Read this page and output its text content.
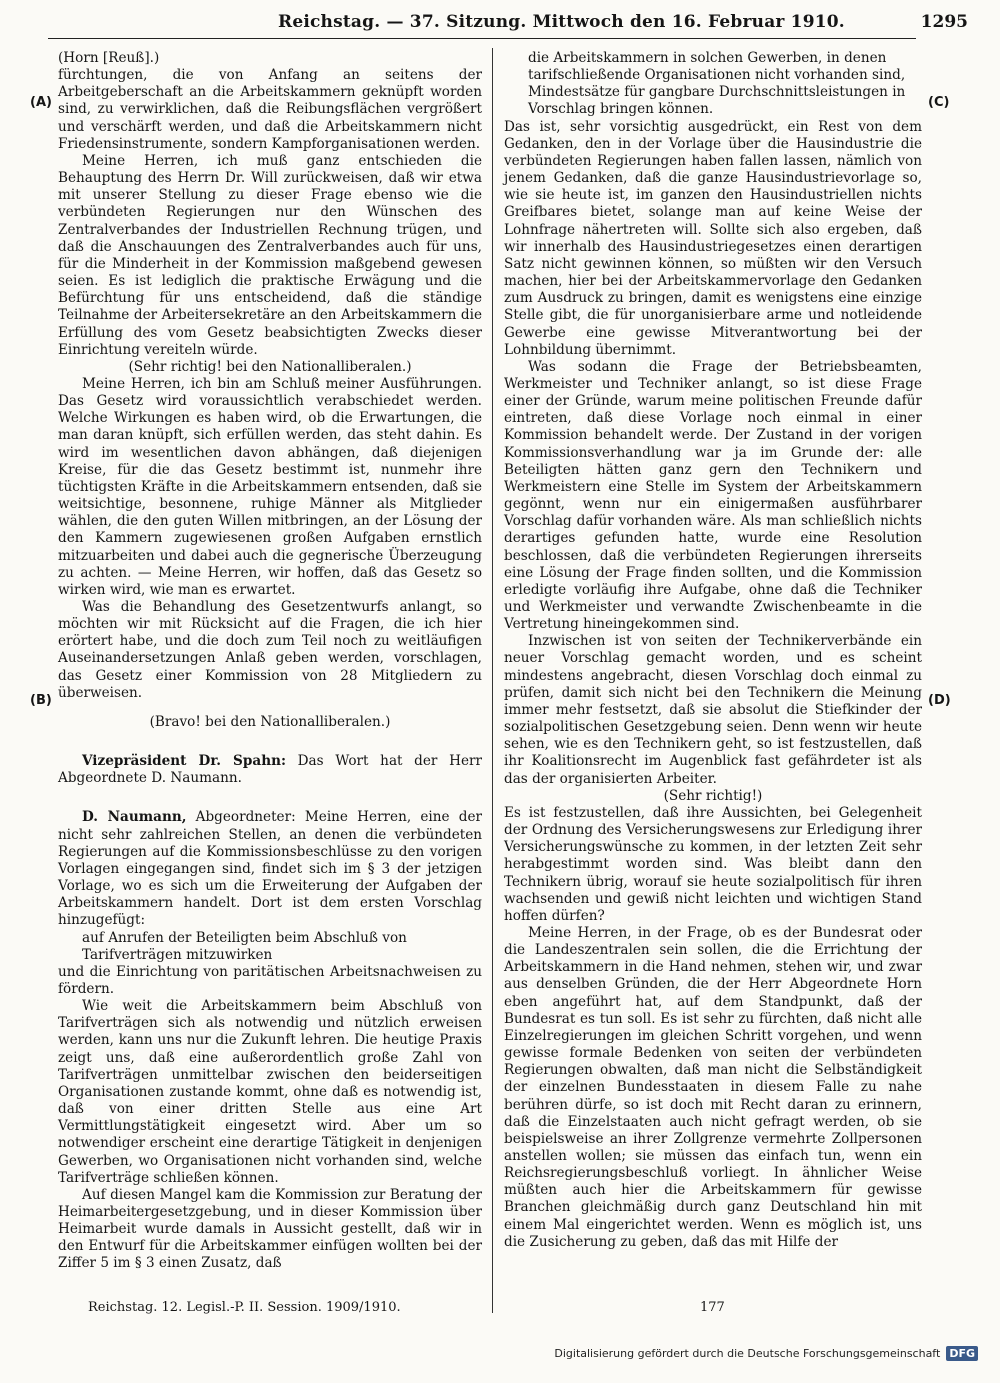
Reichstag. — 37. Sitzung. Mittwoch den 16. Februar 1910.	1295
(A)
(B)
(C)
(D)

(Horn [Reuß].)

fürchtungen, die von Anfang an seitens der Arbeitgeberschaft an die Arbeitskammern geknüpft worden sind, zu verwirklichen, daß die Reibungsflächen vergrößert und verschärft werden, und daß die Arbeitskammern nicht Friedensinstrumente, sondern Kampforganisationen werden.

Meine Herren, ich muß ganz entschieden die Behauptung des Herrn Dr. Will zurückweisen, daß wir etwa mit unserer Stellung zu dieser Frage ebenso wie die verbündeten Regierungen nur den Wünschen des Zentralverbandes der Industriellen Rechnung trügen, und daß die Anschauungen des Zentralverbandes auch für uns, für die Minderheit in der Kommission maßgebend gewesen seien. Es ist lediglich die praktische Erwägung und die Befürchtung für uns entscheidend, daß die ständige Teilnahme der Arbeitersekretäre an den Arbeitskammern die Erfüllung des vom Gesetz beabsichtigten Zwecks dieser Einrichtung vereiteln würde.

(Sehr richtig! bei den Nationalliberalen.)

Meine Herren, ich bin am Schluß meiner Ausführungen. Das Gesetz wird voraussichtlich verabschiedet werden. Welche Wirkungen es haben wird, ob die Erwartungen, die man daran knüpft, sich erfüllen werden, das steht dahin. Es wird im wesentlichen davon abhängen, daß diejenigen Kreise, für die das Gesetz bestimmt ist, nunmehr ihre tüchtigsten Kräfte in die Arbeitskammern entsenden, daß sie weitsichtige, besonnene, ruhige Männer als Mitglieder wählen, die den guten Willen mitbringen, an der Lösung der den Kammern zugewiesenen großen Aufgaben ernstlich mitzuarbeiten und dabei auch die gegnerische Überzeugung zu achten. — Meine Herren, wir hoffen, daß das Gesetz so wirken wird, wie man es erwartet.

Was die Behandlung des Gesetzentwurfs anlangt, so möchten wir mit Rücksicht auf die Fragen, die ich hier erörtert habe, und die doch zum Teil noch zu weitläufigen Auseinandersetzungen Anlaß geben werden, vorschlagen, das Gesetz einer Kommission von 28 Mitgliedern zu überweisen.

(Bravo! bei den Nationalliberalen.)

Vizepräsident Dr. Spahn: Das Wort hat der Herr Abgeordnete D. Naumann.

D. Naumann, Abgeordneter: Meine Herren, eine der nicht sehr zahlreichen Stellen, an denen die verbündeten Regierungen auf die Kommissionsbeschlüsse zu den vorigen Vorlagen eingegangen sind, findet sich im § 3 der jetzigen Vorlage, wo es sich um die Erweiterung der Aufgaben der Arbeitskammern handelt. Dort ist dem ersten Vorschlag hinzugefügt:

auf Anrufen der Beteiligten beim Abschluß von Tarifverträgen mitzuwirken

und die Einrichtung von paritätischen Arbeitsnachweisen zu fördern.

Wie weit die Arbeitskammern beim Abschluß von Tarifverträgen sich als notwendig und nützlich erweisen werden, kann uns nur die Zukunft lehren. Die heutige Praxis zeigt uns, daß eine außerordentlich große Zahl von Tarifverträgen unmittelbar zwischen den beiderseitigen Organisationen zustande kommt, ohne daß es notwendig ist, daß von einer dritten Stelle aus eine Art Vermittlungstätigkeit eingesetzt wird. Aber um so notwendiger erscheint eine derartige Tätigkeit in denjenigen Gewerben, wo Organisationen nicht vorhanden sind, welche Tarifverträge schließen können.

Auf diesen Mangel kam die Kommission zur Beratung der Heimarbeitergesetzgebung, und in dieser Kommission über Heimarbeit wurde damals in Aussicht gestellt, daß wir in den Entwurf für die Arbeitskammer einfügen wollten bei der Ziffer 5 im § 3 einen Zusatz, daß

die Arbeitskammern in solchen Gewerben, in denen tarifschließende Organisationen nicht vorhanden sind, Mindestsätze für gangbare Durchschnittsleistungen in Vorschlag bringen können.

Das ist, sehr vorsichtig ausgedrückt, ein Rest von dem Gedanken, den in der Vorlage über die Hausindustrie die verbündeten Regierungen haben fallen lassen, nämlich von jenem Gedanken, daß die ganze Hausindustrievorlage so, wie sie heute ist, im ganzen den Hausindustriellen nichts Greifbares bietet, solange man auf keine Weise der Lohnfrage nähertreten will. Sollte sich also ergeben, daß wir innerhalb des Hausindustriegesetzes einen derartigen Satz nicht gewinnen können, so müßten wir den Versuch machen, hier bei der Arbeitskammervorlage den Gedanken zum Ausdruck zu bringen, damit es wenigstens eine einzige Stelle gibt, die für unorganisierbare arme und notleidende Gewerbe eine gewisse Mitverantwortung bei der Lohnbildung übernimmt.

Was sodann die Frage der Betriebsbeamten, Werkmeister und Techniker anlangt, so ist diese Frage einer der Gründe, warum meine politischen Freunde dafür eintreten, daß diese Vorlage noch einmal in einer Kommission behandelt werde. Der Zustand in der vorigen Kommissionsverhandlung war ja im Grunde der: alle Beteiligten hätten ganz gern den Technikern und Werkmeistern eine Stelle im System der Arbeitskammern gegönnt, wenn nur ein einigermaßen ausführbarer Vorschlag dafür vorhanden wäre. Als man schließlich nichts derartiges gefunden hatte, wurde eine Resolution beschlossen, daß die verbündeten Regierungen ihrerseits eine Lösung der Frage finden sollten, und die Kommission erledigte vorläufig ihre Aufgabe, ohne daß die Techniker und Werkmeister und verwandte Zwischenbeamte in die Vertretung hineingekommen sind.

Inzwischen ist von seiten der Technikerverbände ein neuer Vorschlag gemacht worden, und es scheint mindestens angebracht, diesen Vorschlag doch einmal zu prüfen, damit sich nicht bei den Technikern die Meinung immer mehr festsetzt, daß sie absolut die Stiefkinder der sozialpolitischen Gesetzgebung seien. Denn wenn wir heute sehen, wie es den Technikern geht, so ist festzustellen, daß ihr Koalitionsrecht im Augenblick fast gefährdeter ist als das der organisierten Arbeiter.

(Sehr richtig!)

Es ist festzustellen, daß ihre Aussichten, bei Gelegenheit der Ordnung des Versicherungswesens zur Erledigung ihrer Versicherungswünsche zu kommen, in der letzten Zeit sehr herabgestimmt worden sind. Was bleibt dann den Technikern übrig, worauf sie heute sozialpolitisch für ihren wachsenden und gewiß nicht leichten und wichtigen Stand hoffen dürfen?

Meine Herren, in der Frage, ob es der Bundesrat oder die Landeszentralen sein sollen, die die Errichtung der Arbeitskammern in die Hand nehmen, stehen wir, und zwar aus denselben Gründen, die der Herr Abgeordnete Horn eben angeführt hat, auf dem Standpunkt, daß der Bundesrat es tun soll. Es ist sehr zu fürchten, daß nicht alle Einzelregierungen im gleichen Schritt vorgehen, und wenn gewisse formale Bedenken von seiten der verbündeten Regierungen obwalten, daß man nicht die Selbständigkeit der einzelnen Bundesstaaten in diesem Falle zu nahe berühren dürfe, so ist doch mit Recht daran zu erinnern, daß die Einzelstaaten auch nicht gefragt werden, ob sie beispielsweise an ihrer Zollgrenze vermehrte Zollpersonen anstellen wollen; sie müssen das einfach tun, wenn ein Reichsregierungsbeschluß vorliegt. In ähnlicher Weise müßten auch hier die Arbeitskammern für gewisse Branchen gleichmäßig durch ganz Deutschland hin mit einem Mal eingerichtet werden. Wenn es möglich ist, uns die Zusicherung zu geben, daß das mit Hilfe der

Reichstag. 12. Legisl.-P. II. Session. 1909/1910.	177
Digitalisierung gefördert durch die Deutsche Forschungsgemeinschaft DFG
